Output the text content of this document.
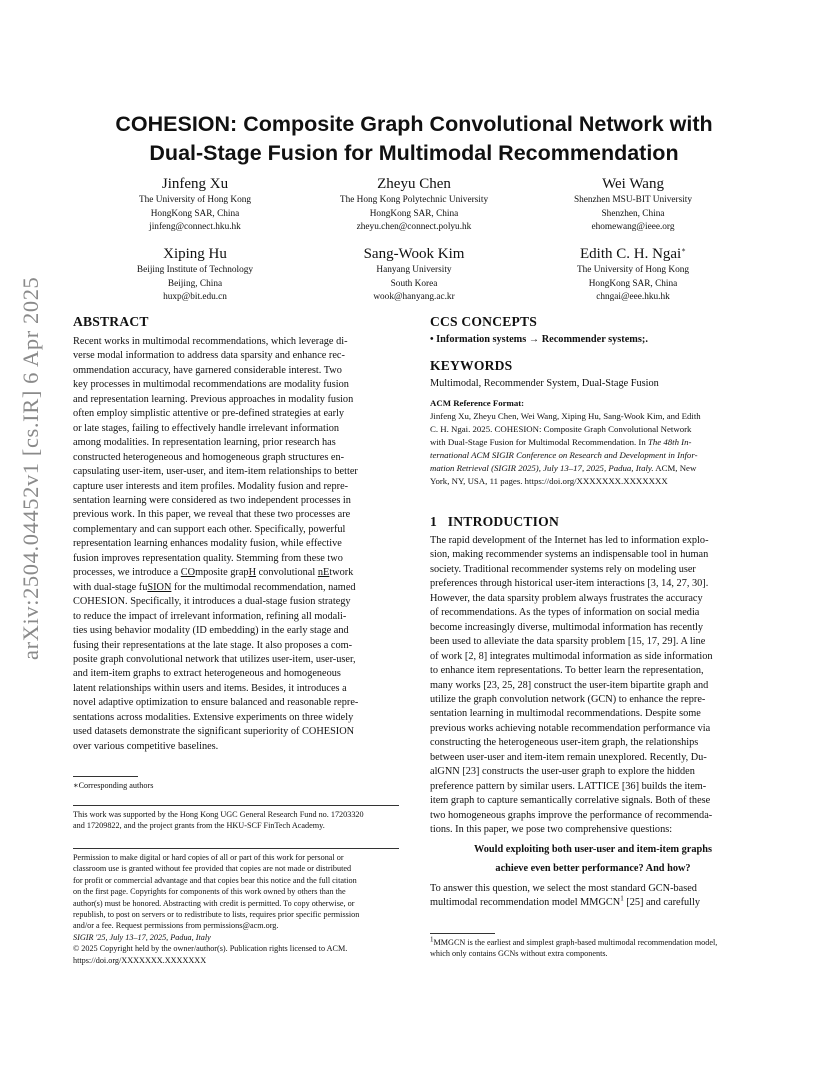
COHESION: Composite Graph Convolutional Network with
Dual-Stage Fusion for Multimodal Recommendation
Jinfeng Xu
The University of Hong Kong
HongKong SAR, China
jinfeng@connect.hku.hk
Zheyu Chen
The Hong Kong Polytechnic University
HongKong SAR, China
zheyu.chen@connect.polyu.hk
Wei Wang
Shenzhen MSU-BIT University
Shenzhen, China
ehomewang@ieee.org
Xiping Hu
Beijing Institute of Technology
Beijing, China
huxp@bit.edu.cn
Sang-Wook Kim
Hanyang University
South Korea
wook@hanyang.ac.kr
Edith C. H. Ngai∗
The University of Hong Kong
HongKong SAR, China
chngai@eee.hku.hk
arXiv:2504.04452v1 [cs.IR] 6 Apr 2025 ABSTRACT
Recent works in multimodal recommendations, which leverage di-
verse modal information to address data sparsity and enhance rec-
ommendation accuracy, have garnered considerable interest. Two
key processes in multimodal recommendations are modality fusion
and representation learning. Previous approaches in modality fusion
often employ simplistic attentive or pre-defined strategies at early
or late stages, failing to effectively handle irrelevant information
among modalities. In representation learning, prior research has
constructed heterogeneous and homogeneous graph structures en-
capsulating user-item, user-user, and item-item relationships to better
capture user interests and item profiles. Modality fusion and repre-
sentation learning were considered as two independent processes in
previous work. In this paper, we reveal that these two processes are
complementary and can support each other. Specifically, powerful
representation learning enhances modality fusion, while effective
fusion improves representation quality. Stemming from these two
processes, we introduce a COmposite grapH convolutional nEtwork
with dual-stage fuSION for the multimodal recommendation, named
COHESION. Specifically, it introduces a dual-stage fusion strategy
to reduce the impact of irrelevant information, refining all modali-
ties using behavior modality (ID embedding) in the early stage and
fusing their representations at the late stage. It also proposes a com-
posite graph convolutional network that utilizes user-item, user-user,
and item-item graphs to extract heterogeneous and homogeneous
latent relationships within users and items. Besides, it introduces a
novel adaptive optimization to ensure balanced and reasonable repre-
sentations across modalities. Extensive experiments on three widely
used datasets demonstrate the significant superiority of COHESION
over various competitive baselines.
∗Corresponding authors
This work was supported by the Hong Kong UGC General Research Fund no. 17203320
and 17209822, and the project grants from the HKU-SCF FinTech Academy.
Permission to make digital or hard copies of all or part of this work for personal or
classroom use is granted without fee provided that copies are not made or distributed
for profit or commercial advantage and that copies bear this notice and the full citation
on the first page. Copyrights for components of this work owned by others than the
author(s) must be honored. Abstracting with credit is permitted. To copy otherwise, or
republish, to post on servers or to redistribute to lists, requires prior specific permission
and/or a fee. Request permissions from permissions@acm.org.
SIGIR '25, July 13–17, 2025, Padua, Italy
© 2025 Copyright held by the owner/author(s). Publication rights licensed to ACM.
https://doi.org/XXXXXXX.XXXXXXX
CCS CONCEPTS
• Information systems → Recommender systems;.
KEYWORDS
Multimodal, Recommender System, Dual-Stage Fusion
ACM Reference Format:
Jinfeng Xu, Zheyu Chen, Wei Wang, Xiping Hu, Sang-Wook Kim, and Edith
C. H. Ngai. 2025. COHESION: Composite Graph Convolutional Network
with Dual-Stage Fusion for Multimodal Recommendation. In The 48th In-
ternational ACM SIGIR Conference on Research and Development in Infor-
mation Retrieval (SIGIR 2025), July 13–17, 2025, Padua, Italy. ACM, New
York, NY, USA, 11 pages. https://doi.org/XXXXXXX.XXXXXXX
1   INTRODUCTION
The rapid development of the Internet has led to information explo-
sion, making recommender systems an indispensable tool in human
society. Traditional recommender systems rely on modeling user
preferences through historical user-item interactions [3, 14, 27, 30].
However, the data sparsity problem always frustrates the accuracy
of recommendations. As the types of information on social media
become increasingly diverse, multimodal information has recently
been used to alleviate the data sparsity problem [15, 17, 29]. A line
of work [2, 8] integrates multimodal information as side information
to enhance item representations. To better learn the representation,
many works [23, 25, 28] construct the user-item bipartite graph and
utilize the graph convolution network (GCN) to enhance the repre-
sentation learning in multimodal recommendations. Despite some
previous works achieving notable recommendation performance via
constructing the heterogeneous user-item graph, the relationships
between user-user and item-item remain unexplored. Recently, Du-
alGNN [23] constructs the user-user graph to explore the hidden
preference pattern by similar users. LATTICE [36] builds the item-
item graph to capture semantically correlative signals. Both of these
two homogeneous graphs improve the performance of recommenda-
tions. In this paper, we pose two comprehensive questions:
Would exploiting both user-user and item-item graphs
achieve even better performance? And how?
To answer this question, we select the most standard GCN-based
multimodal recommendation model MMGCN$^1$ [25] and carefully
1MMGCN is the earliest and simplest graph-based multimodal recommendation model,
which only contains GCNs without extra components.
